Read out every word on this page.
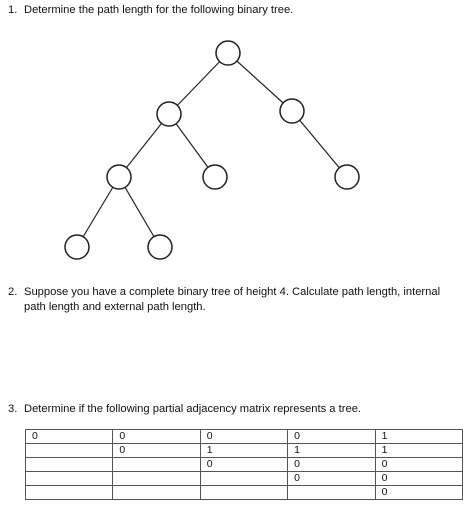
1. Determine the path length for the following binary tree.
2. Suppose you have a complete binary tree of height 4. Calculate path length, internal path length and external path length.
3. Determine if the following partial adjacency matrix represents a tree.
0	0	0	0	1
	0	1	1	1
		0	0	0
			0	0
				0
